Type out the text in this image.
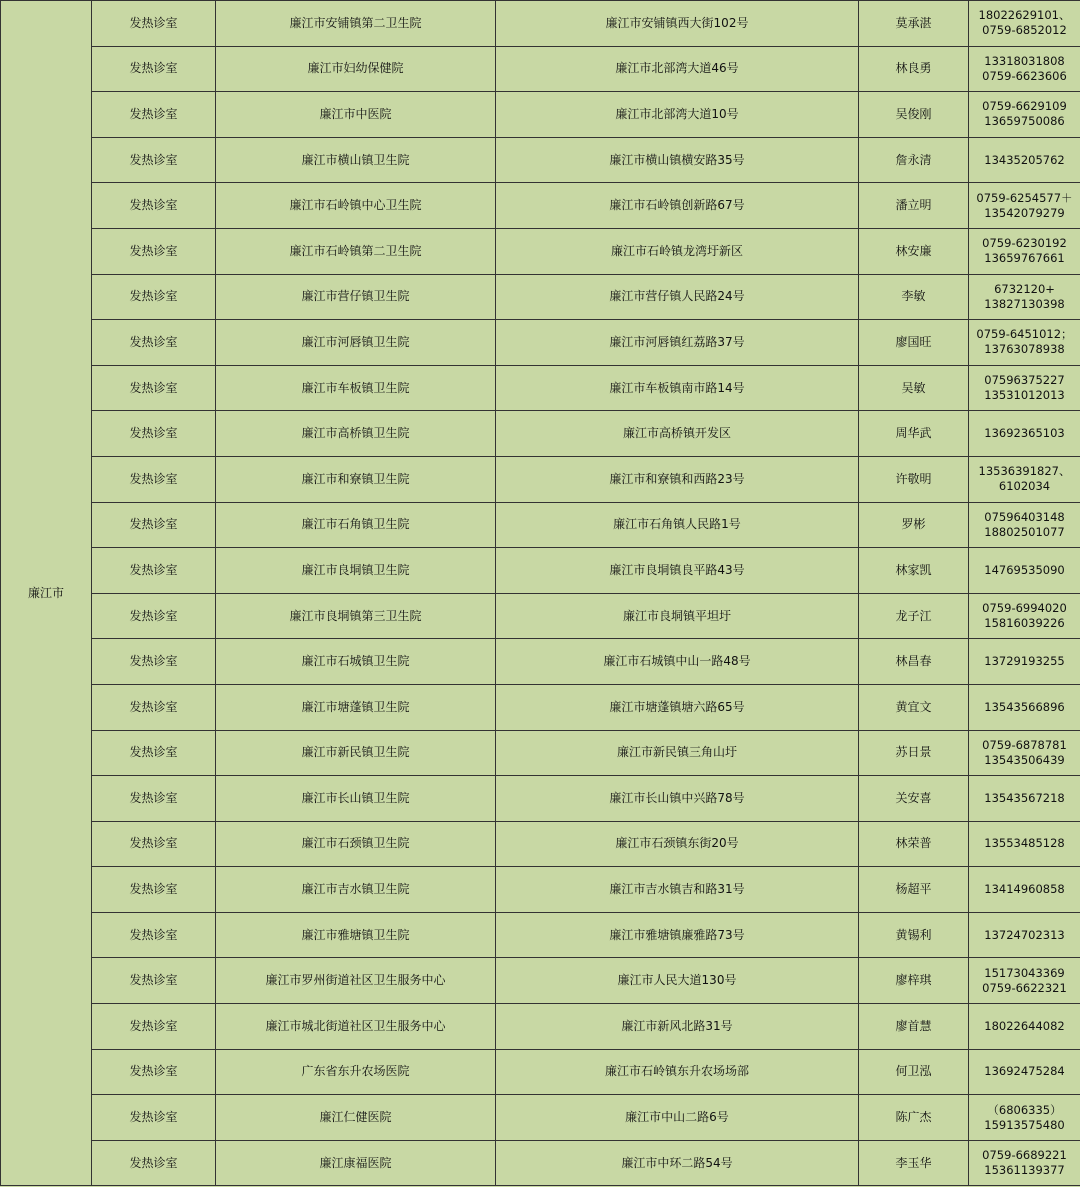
廉江市	发热诊室	廉江市安铺镇第二卫生院	廉江市安铺镇西大街102号	莫承湛	18022629101、
0759-6852012
	发热诊室	廉江市妇幼保健院	廉江市北部湾大道46号	林良勇	13318031808
0759-6623606
	发热诊室	廉江市中医院	廉江市北部湾大道10号	吴俊刚	0759-6629109
13659750086
	发热诊室	廉江市横山镇卫生院	廉江市横山镇横安路35号	詹永清	13435205762
	发热诊室	廉江市石岭镇中心卫生院	廉江市石岭镇创新路67号	潘立明	0759-6254577＋
13542079279
	发热诊室	廉江市石岭镇第二卫生院	廉江市石岭镇龙湾圩新区	林安廉	0759-6230192
13659767661
	发热诊室	廉江市营仔镇卫生院	廉江市营仔镇人民路24号	李敏	6732120+
13827130398
	发热诊室	廉江市河唇镇卫生院	廉江市河唇镇红荔路37号	廖国旺	0759-6451012；
13763078938
	发热诊室	廉江市车板镇卫生院	廉江市车板镇南市路14号	吴敏	07596375227
13531012013
	发热诊室	廉江市高桥镇卫生院	廉江市高桥镇开发区	周华武	13692365103
	发热诊室	廉江市和寮镇卫生院	廉江市和寮镇和西路23号	许敬明	13536391827、
6102034
	发热诊室	廉江市石角镇卫生院	廉江市石角镇人民路1号	罗彬	07596403148
18802501077
	发热诊室	廉江市良垌镇卫生院	廉江市良垌镇良平路43号	林家凯	14769535090
	发热诊室	廉江市良垌镇第三卫生院	廉江市良垌镇平坦圩	龙子江	0759-6994020
15816039226
	发热诊室	廉江市石城镇卫生院	廉江市石城镇中山一路48号	林昌春	13729193255
	发热诊室	廉江市塘蓬镇卫生院	廉江市塘蓬镇塘六路65号	黄宜文	13543566896
	发热诊室	廉江市新民镇卫生院	廉江市新民镇三角山圩	苏日景	0759-6878781
13543506439
	发热诊室	廉江市长山镇卫生院	廉江市长山镇中兴路78号	关安喜	13543567218
	发热诊室	廉江市石颈镇卫生院	廉江市石颈镇东街20号	林荣普	13553485128
	发热诊室	廉江市吉水镇卫生院	廉江市吉水镇吉和路31号	杨超平	13414960858
	发热诊室	廉江市雅塘镇卫生院	廉江市雅塘镇廉雅路73号	黄锡利	13724702313
	发热诊室	廉江市罗州街道社区卫生服务中心	廉江市人民大道130号	廖梓琪	15173043369
0759-6622321
	发热诊室	廉江市城北街道社区卫生服务中心	廉江市新风北路31号	廖首慧	18022644082
	发热诊室	广东省东升农场医院	廉江市石岭镇东升农场场部	何卫泓	13692475284
	发热诊室	廉江仁健医院	廉江市中山二路6号	陈广杰	（6806335）
15913575480
	发热诊室	廉江康福医院	廉江市中环二路54号	李玉华	0759-6689221
15361139377
